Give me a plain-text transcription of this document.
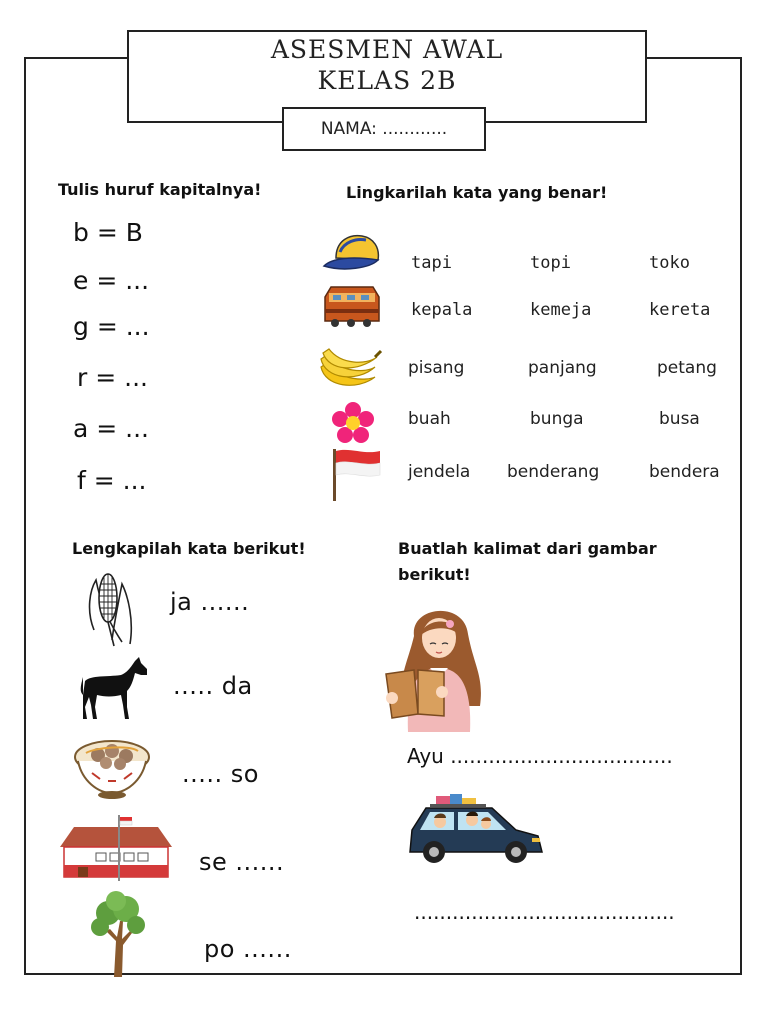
ASESMEN AWAL
KELAS 2B
NAMA: ............
Tulis huruf kapitalnya!
b = B
e = ...
g = ...
r = ...
a = ...
f = ...
Lingkarilah kata yang benar!
tapi	topi	toko
kepala	kemeja	kereta
pisang	panjang	petang
buah	bunga	busa
jendela benderang	bendera
Lengkapilah kata berikut!
ja ......
..... da
..... so
se ......
po ......
Buatlah kalimat dari gambar
berikut!
Ayu ...................................
.........................................
